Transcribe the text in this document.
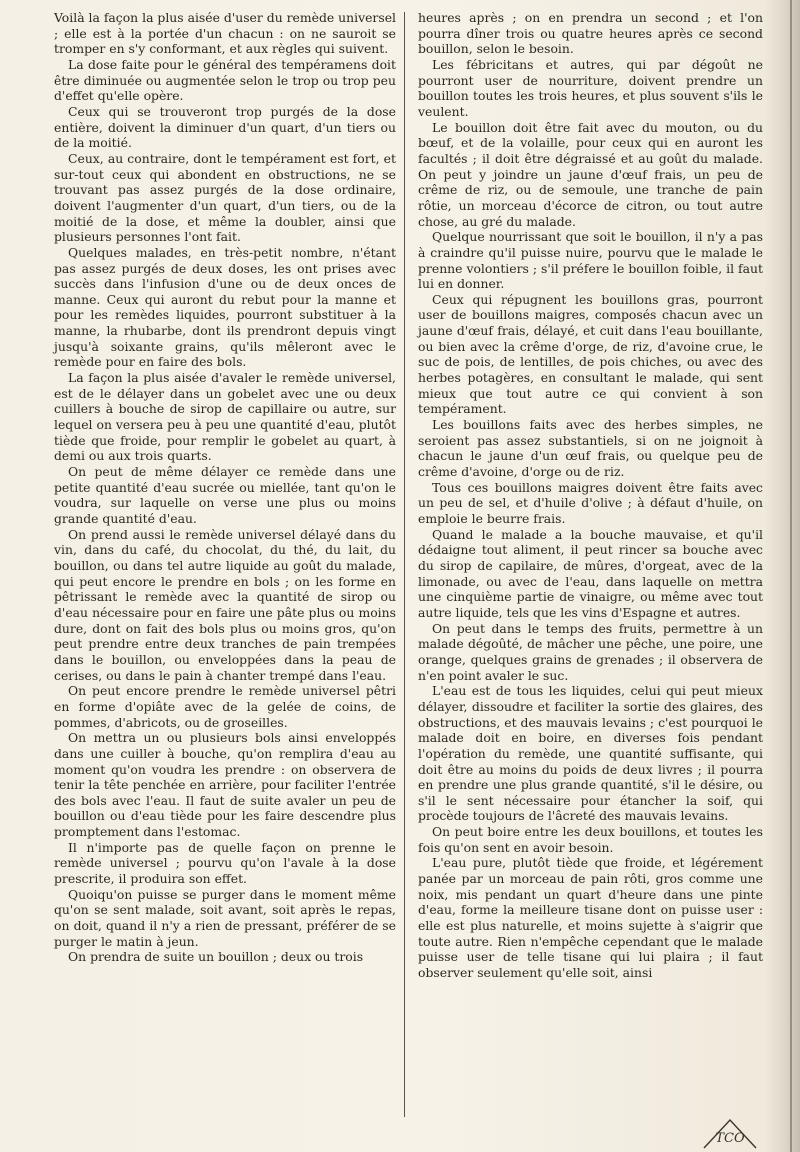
Voilà la façon la plus aisée d'user du remède universel ; elle est à la portée d'un chacun : on ne sauroit se tromper en s'y conformant, et aux règles qui suivent.

La dose faite pour le général des tempéramens doit être diminuée ou augmentée selon le trop ou trop peu d'effet qu'elle opère.

Ceux qui se trouveront trop purgés de la dose entière, doivent la diminuer d'un quart, d'un tiers ou de la moitié.

Ceux, au contraire, dont le tempérament est fort, et sur-tout ceux qui abondent en obstructions, ne se trouvant pas assez purgés de la dose ordinaire, doivent l'augmenter d'un quart, d'un tiers, ou de la moitié de la dose, et même la doubler, ainsi que plusieurs personnes l'ont fait.

Quelques malades, en très-petit nombre, n'étant pas assez purgés de deux doses, les ont prises avec succès dans l'infusion d'une ou de deux onces de manne. Ceux qui auront du rebut pour la manne et pour les remèdes liquides, pourront substituer à la manne, la rhubarbe, dont ils prendront depuis vingt jusqu'à soixante grains, qu'ils mêleront avec le remède pour en faire des bols.

La façon la plus aisée d'avaler le remède universel, est de le délayer dans un gobelet avec une ou deux cuillers à bouche de sirop de capillaire ou autre, sur lequel on versera peu à peu une quantité d'eau, plutôt tiède que froide, pour remplir le gobelet au quart, à demi ou aux trois quarts.

On peut de même délayer ce remède dans une petite quantité d'eau sucrée ou miellée, tant qu'on le voudra, sur laquelle on verse une plus ou moins grande quantité d'eau.

On prend aussi le remède universel délayé dans du vin, dans du café, du chocolat, du thé, du lait, du bouillon, ou dans tel autre liquide au goût du malade, qui peut encore le prendre en bols ; on les forme en pêtrissant le remède avec la quantité de sirop ou d'eau nécessaire pour en faire une pâte plus ou moins dure, dont on fait des bols plus ou moins gros, qu'on peut prendre entre deux tranches de pain trempées dans le bouillon, ou enveloppées dans la peau de cerises, ou dans le pain à chanter trempé dans l'eau.

On peut encore prendre le remède universel pêtri en forme d'opiâte avec de la gelée de coins, de pommes, d'abricots, ou de groseilles.

On mettra un ou plusieurs bols ainsi enveloppés dans une cuiller à bouche, qu'on remplira d'eau au moment qu'on voudra les prendre : on observera de tenir la tête penchée en arrière, pour faciliter l'entrée des bols avec l'eau. Il faut de suite avaler un peu de bouillon ou d'eau tiède pour les faire descendre plus promptement dans l'estomac.

Il n'importe pas de quelle façon on prenne le remède universel ; pourvu qu'on l'avale à la dose prescrite, il produira son effet.

Quoiqu'on puisse se purger dans le moment même qu'on se sent malade, soit avant, soit après le repas, on doit, quand il n'y a rien de pressant, préférer de se purger le matin à jeun.

On prendra de suite un bouillon ; deux ou trois

heures après ; on en prendra un second ; et l'on pourra dîner trois ou quatre heures après ce second bouillon, selon le besoin.

Les fébricitans et autres, qui par dégoût ne pourront user de nourriture, doivent prendre un bouillon toutes les trois heures, et plus souvent s'ils le veulent.

Le bouillon doit être fait avec du mouton, ou du bœuf, et de la volaille, pour ceux qui en auront les facultés ; il doit être dégraissé et au goût du malade. On peut y joindre un jaune d'œuf frais, un peu de crême de riz, ou de semoule, une tranche de pain rôtie, un morceau d'écorce de citron, ou tout autre chose, au gré du malade.

Quelque nourrissant que soit le bouillon, il n'y a pas à craindre qu'il puisse nuire, pourvu que le malade le prenne volontiers ; s'il préfere le bouillon foible, il faut lui en donner.

Ceux qui répugnent les bouillons gras, pourront user de bouillons maigres, composés chacun avec un jaune d'œuf frais, délayé, et cuit dans l'eau bouillante, ou bien avec la crême d'orge, de riz, d'avoine crue, le suc de pois, de lentilles, de pois chiches, ou avec des herbes potagères, en consultant le malade, qui sent mieux que tout autre ce qui convient à son tempérament.

Les bouillons faits avec des herbes simples, ne seroient pas assez substantiels, si on ne joignoit à chacun le jaune d'un œuf frais, ou quelque peu de crême d'avoine, d'orge ou de riz.

Tous ces bouillons maigres doivent être faits avec un peu de sel, et d'huile d'olive ; à défaut d'huile, on emploie le beurre frais.

Quand le malade a la bouche mauvaise, et qu'il dédaigne tout aliment, il peut rincer sa bouche avec du sirop de capilaire, de mûres, d'orgeat, avec de la limonade, ou avec de l'eau, dans laquelle on mettra une cinquième partie de vinaigre, ou même avec tout autre liquide, tels que les vins d'Espagne et autres.

On peut dans le temps des fruits, permettre à un malade dégoûté, de mâcher une pêche, une poire, une orange, quelques grains de grenades ; il observera de n'en point avaler le suc.

L'eau est de tous les liquides, celui qui peut mieux délayer, dissoudre et faciliter la sortie des glaires, des obstructions, et des mauvais levains ; c'est pourquoi le malade doit en boire, en diverses fois pendant l'opération du remède, une quantité suffisante, qui doit être au moins du poids de deux livres ; il pourra en prendre une plus grande quantité, s'il le désire, ou s'il le sent nécessaire pour étancher la soif, qui procède toujours de l'âcreté des mauvais levains.

On peut boire entre les deux bouillons, et toutes les fois qu'on sent en avoir besoin.

L'eau pure, plutôt tiède que froide, et légérement panée par un morceau de pain rôti, gros comme une noix, mis pendant un quart d'heure dans une pinte d'eau, forme la meilleure tisane dont on puisse user : elle est plus naturelle, et moins sujette à s'aigrir que toute autre. Rien n'empêche cependant que le malade puisse user de telle tisane qui lui plaira ; il faut observer seulement qu'elle soit, ainsi

TCO
